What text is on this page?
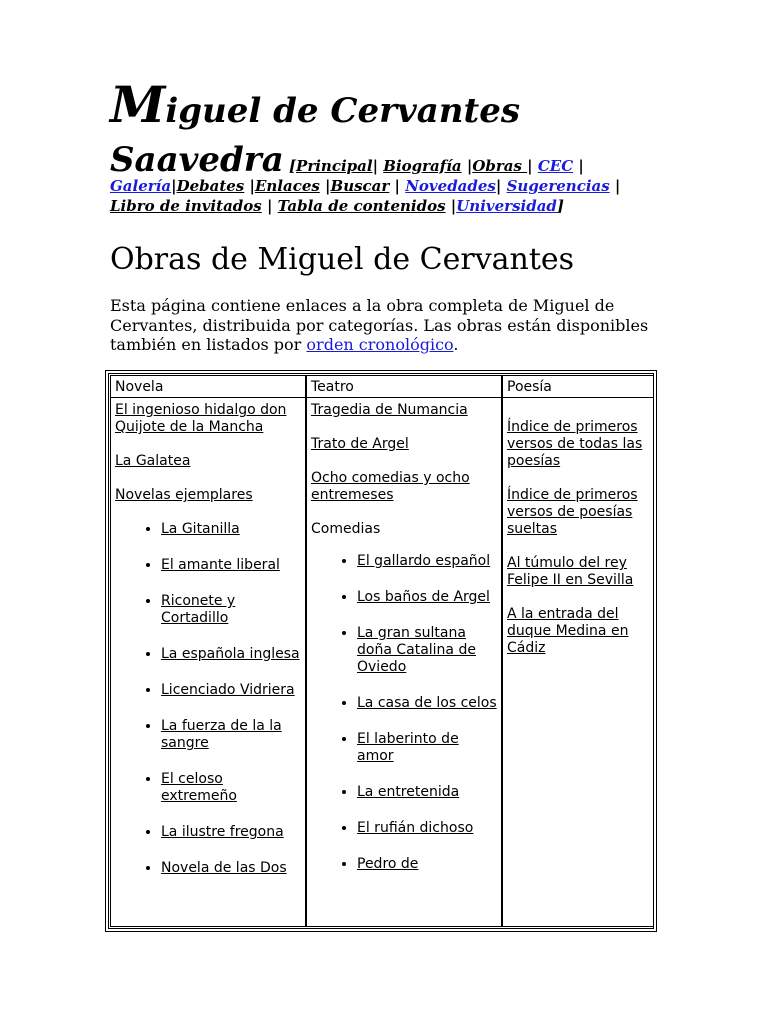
Miguel de Cervantes
Saavedra [Principal| Biografía |Obras | CEC |
Galería|Debates |Enlaces |Buscar | Novedades| Sugerencias |
Libro de invitados | Tabla de contenidos |Universidad]
Obras de Miguel de Cervantes

Esta página contiene enlaces a la obra completa de Miguel de Cervantes, distribuida por categorías. Las obras están disponibles también en listados por orden cronológico.

Novela

El ingenioso hidalgo don Quijote de la Mancha

La Galatea

Novelas ejemplares

• La Gitanilla
• El amante liberal
• Riconete y Cortadillo
• La española inglesa
• Licenciado Vidriera
• La fuerza de la la sangre
• El celoso extremeño
• La ilustre fregona
• Novela de las Dos
Teatro

Tragedia de Numancia

Trato de Argel

Ocho comedias y ocho entremeses

Comedias

• El gallardo español
• Los baños de Argel
• La gran sultana doña Catalina de Oviedo
• La casa de los celos
• El laberinto de amor
• La entretenida
• El rufián dichoso
• Pedro de
Poesía

Índice de primeros versos de todas las poesías

Índice de primeros versos de poesías sueltas

Al túmulo del rey Felipe II en Sevilla

A la entrada del duque Medina en Cádiz
